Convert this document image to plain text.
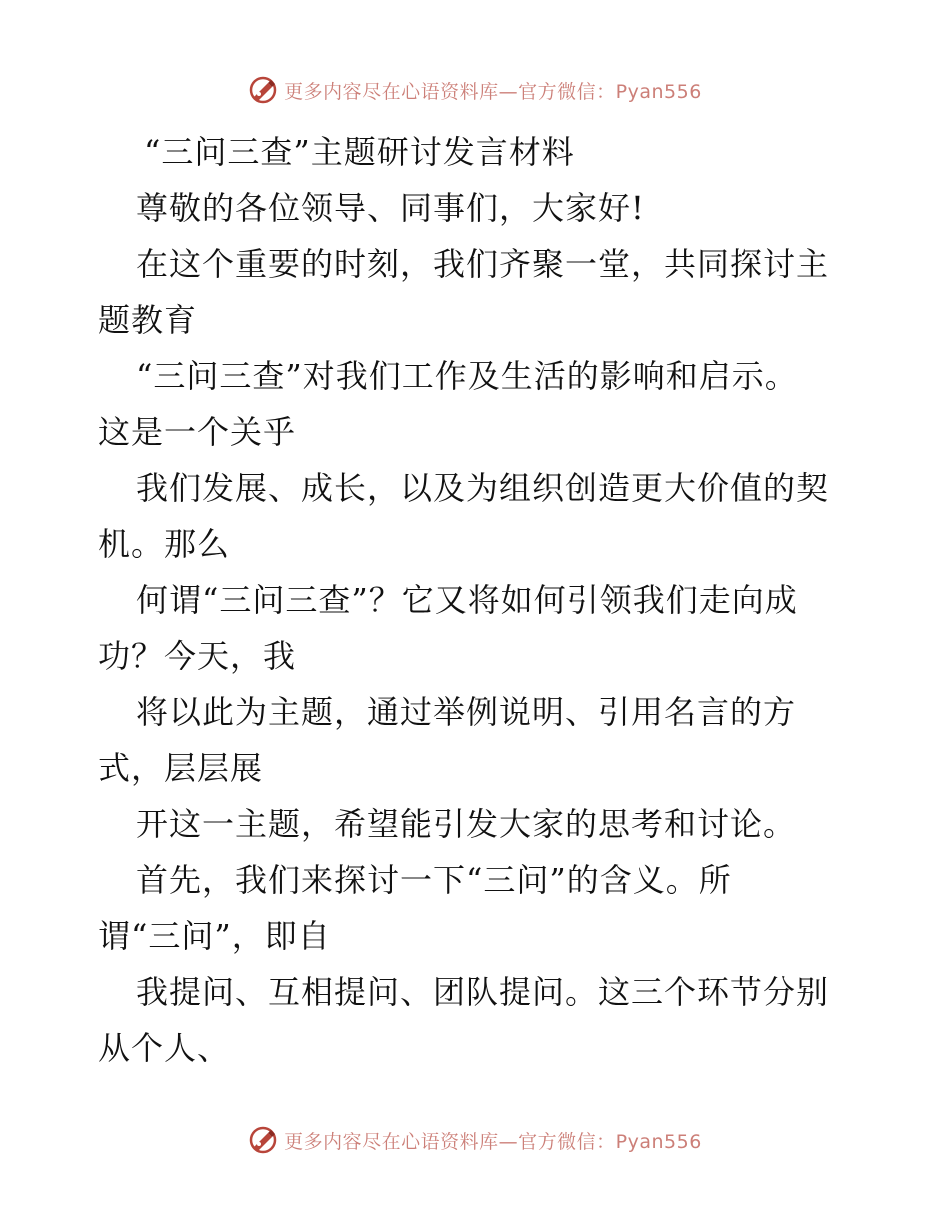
更多内容尽在心语资料库—官方微信：Pyan556
“三问三查”主题研讨发言材料
尊敬的各位领导、同事们，大家好!
在这个重要的时刻，我们齐聚一堂，共同探讨主
题教育
“三问三查”对我们工作及生活的影响和启示。
这是一个关乎
我们发展、成长，以及为组织创造更大价值的契
机。那么
何谓“三问三查”？它又将如何引领我们走向成
功？今天，我
将以此为主题，通过举例说明、引用名言的方
式，层层展
开这一主题，希望能引发大家的思考和讨论。
首先，我们来探讨一下“三问”的含义。所
谓“三问”，即自
我提问、互相提问、团队提问。这三个环节分别
从个人、
更多内容尽在心语资料库—官方微信：Pyan556
